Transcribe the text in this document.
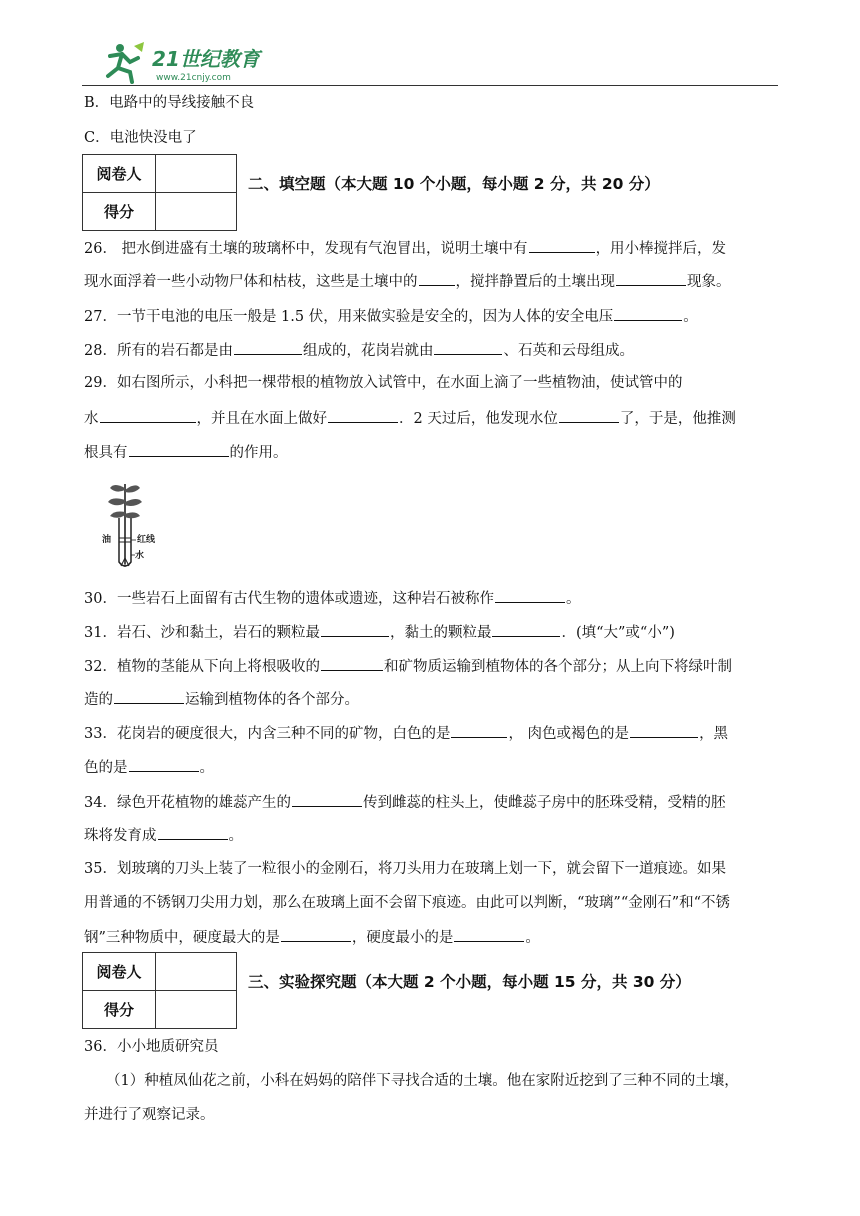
21世纪教育
www.21cnjy.com
B．电路中的导线接触不良
C．电池快没电了
阅卷人	
得分	
二、填空题（本大题 10 个小题，每小题 2 分，共 20 分）
26． 把水倒进盛有土壤的玻璃杯中，发现有气泡冒出，说明土壤中有	，用小棒搅拌后，发
现水面浮着一些小动物尸体和枯枝，这些是土壤中的	，搅拌静置后的土壤出现	现象。
27．一节干电池的电压一般是 1.5 伏，用来做实验是安全的，因为人体的安全电压	。
28．所有的岩石都是由	组成的，花岗岩就由	、石英和云母组成。
29．如右图所示，小科把一棵带根的植物放入试管中，在水面上滴了一些植物油，使试管中的
水	，并且在水面上做好	．2 天过后，他发现水位	了，于是，他推测
根具有	的作用。
油	红线
水
30．一些岩石上面留有古代生物的遗体或遗迹，这种岩石被称作	。
31．岩石、沙和黏土，岩石的颗粒最	，黏土的颗粒最	．(填“大”或“小”)
32．植物的茎能从下向上将根吸收的	和矿物质运输到植物体的各个部分；从上向下将绿叶制
造的	运输到植物体的各个部分。
33．花岗岩的硬度很大，内含三种不同的矿物，白色的是	， 肉色或褐色的是	，黑
色的是	。
34．绿色开花植物的雄蕊产生的	传到雌蕊的柱头上，使雌蕊子房中的胚珠受精，受精的胚
珠将发育成	。
35．划玻璃的刀头上装了一粒很小的金刚石，将刀头用力在玻璃上划一下，就会留下一道痕迹。如果
用普通的不锈钢刀尖用力划，那么在玻璃上面不会留下痕迹。由此可以判断，“玻璃”“金刚石”和“不锈
钢”三种物质中，硬度最大的是	，硬度最小的是	。
阅卷人	
得分	
三、实验探究题（本大题 2 个小题，每小题 15 分，共 30 分）
36．小小地质研究员
（1）种植凤仙花之前，小科在妈妈的陪伴下寻找合适的土壤。他在家附近挖到了三种不同的土壤，
并进行了观察记录。
